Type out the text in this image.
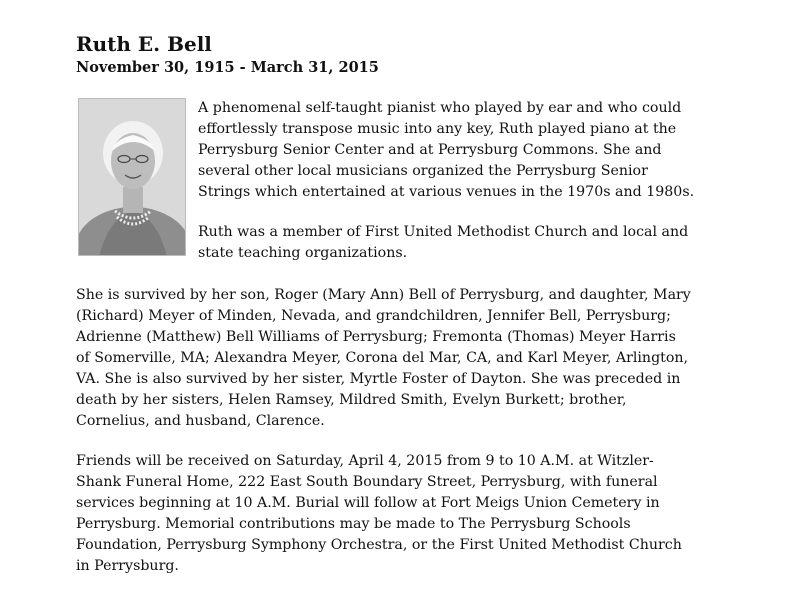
Ruth E. Bell
November 30, 1915 - March 31, 2015

A phenomenal self-taught pianist who played by ear and who could
effortlessly transpose music into any key, Ruth played piano at the
Perrysburg Senior Center and at Perrysburg Commons. She and
several other local musicians organized the Perrysburg Senior
Strings which entertained at various venues in the 1970s and 1980s.

Ruth was a member of First United Methodist Church and local and
state teaching organizations.

She is survived by her son, Roger (Mary Ann) Bell of Perrysburg, and daughter, Mary
(Richard) Meyer of Minden, Nevada, and grandchildren, Jennifer Bell, Perrysburg;
Adrienne (Matthew) Bell Williams of Perrysburg; Fremonta (Thomas) Meyer Harris
of Somerville, MA; Alexandra Meyer, Corona del Mar, CA, and Karl Meyer, Arlington,
VA. She is also survived by her sister, Myrtle Foster of Dayton. She was preceded in
death by her sisters, Helen Ramsey, Mildred Smith, Evelyn Burkett; brother,
Cornelius, and husband, Clarence.

Friends will be received on Saturday, April 4, 2015 from 9 to 10 A.M. at Witzler-
Shank Funeral Home, 222 East South Boundary Street, Perrysburg, with funeral
services beginning at 10 A.M. Burial will follow at Fort Meigs Union Cemetery in
Perrysburg. Memorial contributions may be made to The Perrysburg Schools
Foundation, Perrysburg Symphony Orchestra, or the First United Methodist Church
in Perrysburg.
